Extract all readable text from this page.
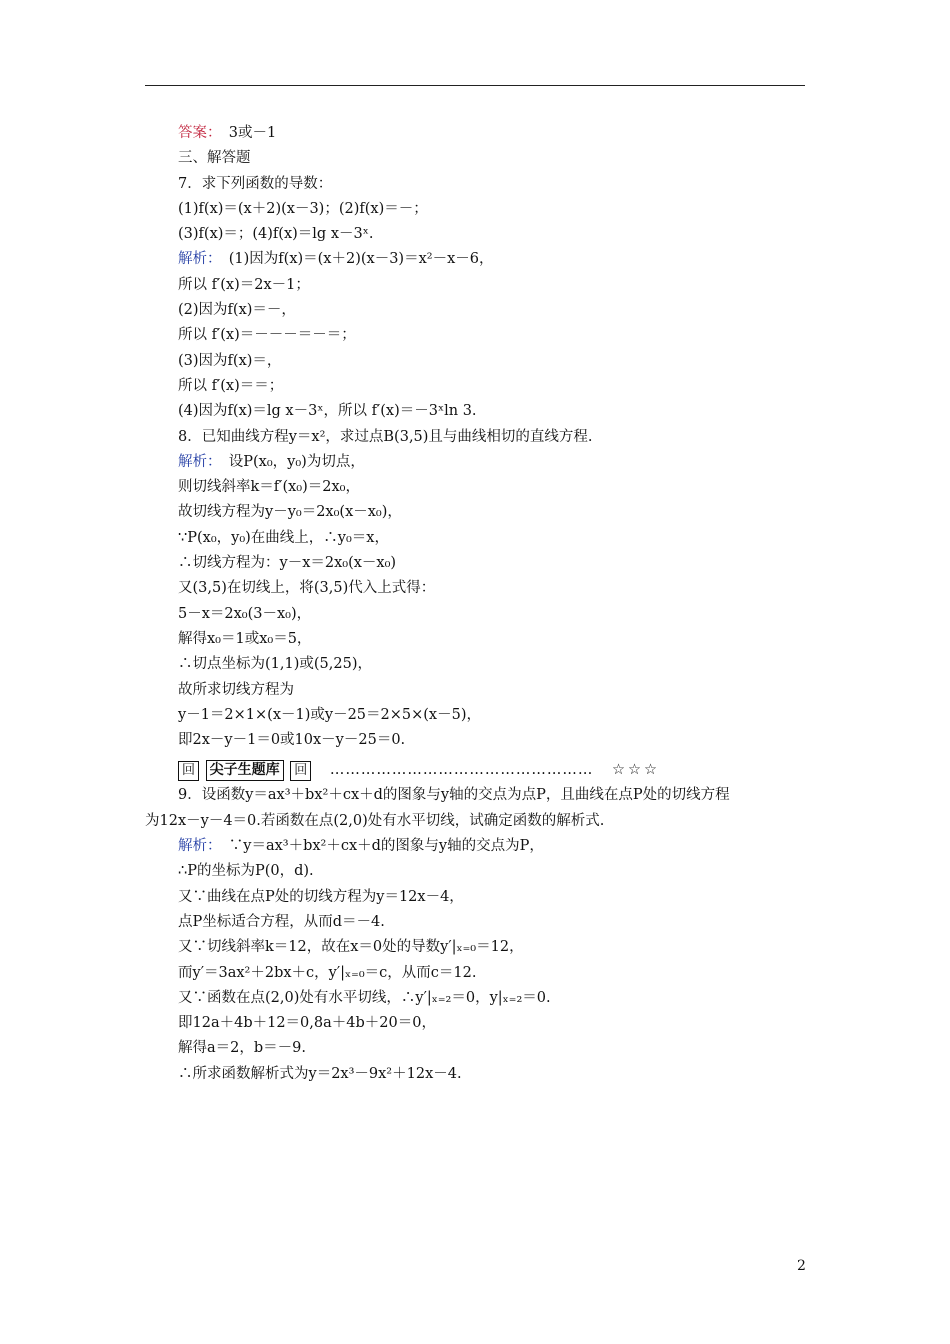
答案：　3或－1
三、解答题
7．求下列函数的导数：
(1)f(x)＝(x＋2)(x－3)；(2)f(x)＝－；
(3)f(x)＝；(4)f(x)＝lg x－3ˣ.
解析：　(1)因为f(x)＝(x＋2)(x－3)＝x²－x－6，
所以 f′(x)＝2x－1；
(2)因为f(x)＝－，
所以 f′(x)＝－－－＝－＝；
(3)因为f(x)＝，
所以 f′(x)＝＝；
(4)因为f(x)＝lg x－3ˣ，所以 f′(x)＝－3ˣln 3.
8．已知曲线方程y＝x²，求过点B(3,5)且与曲线相切的直线方程.
解析：　设P(x₀，y₀)为切点，
则切线斜率k＝f′(x₀)＝2x₀，
故切线方程为y－y₀＝2x₀(x－x₀)，
∵P(x₀，y₀)在曲线上，∴y₀＝x，
∴切线方程为：y－x＝2x₀(x－x₀)
又(3,5)在切线上，将(3,5)代入上式得：
5－x＝2x₀(3－x₀)，
解得x₀＝1或x₀＝5，
∴切点坐标为(1,1)或(5,25)，
故所求切线方程为
y－1＝2×1×(x－1)或y－25＝2×5×(x－5)，
即2x－y－1＝0或10x－y－25＝0.
回 尖子生题库 回 …………………………………………… ☆☆☆
9．设函数y＝ax³＋bx²＋cx＋d的图象与y轴的交点为点P，且曲线在点P处的切线方程
为12x－y－4＝0.若函数在点(2,0)处有水平切线，试确定函数的解析式.
解析：　∵y＝ax³＋bx²＋cx＋d的图象与y轴的交点为P，
∴P的坐标为P(0，d).
又∵曲线在点P处的切线方程为y＝12x－4，
点P坐标适合方程，从而d＝－4.
又∵切线斜率k＝12，故在x＝0处的导数y′|ₓ₌₀＝12，
而y′＝3ax²＋2bx＋c，y′|ₓ₌₀＝c，从而c＝12.
又∵函数在点(2,0)处有水平切线，∴y′|ₓ₌₂＝0，y|ₓ₌₂＝0.
即12a＋4b＋12＝0,8a＋4b＋20＝0，
解得a＝2，b＝－9.
∴所求函数解析式为y＝2x³－9x²＋12x－4.
2
